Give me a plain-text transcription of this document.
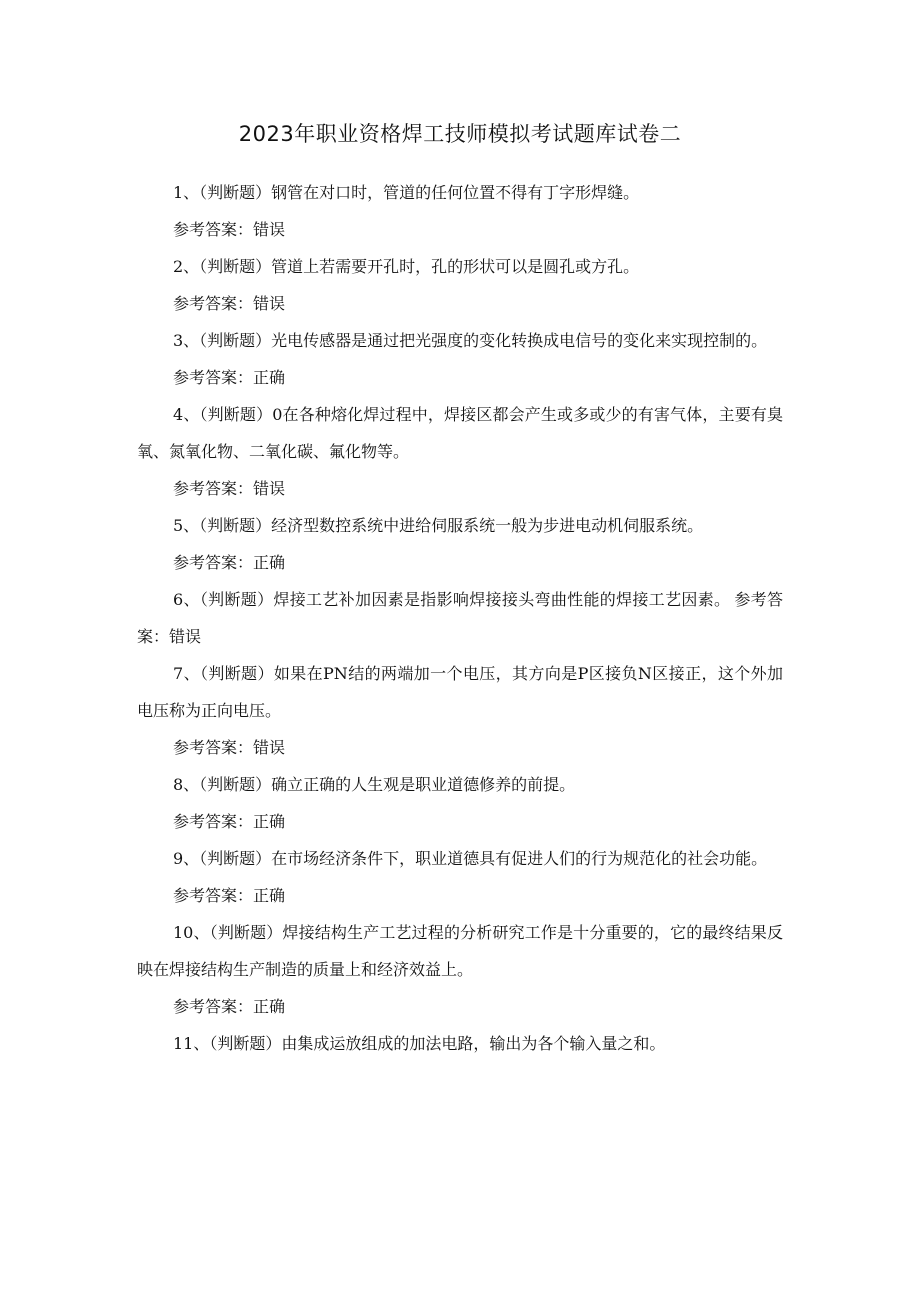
2023年职业资格焊工技师模拟考试题库试卷二

1、（判断题）钢管在对口时，管道的任何位置不得有丁字形焊缝。

参考答案：错误

2、（判断题）管道上若需要开孔时，孔的形状可以是圆孔或方孔。

参考答案：错误

3、（判断题）光电传感器是通过把光强度的变化转换成电信号的变化来实现控制的。

参考答案：正确

4、（判断题）0在各种熔化焊过程中，焊接区都会产生或多或少的有害气体，主要有臭氧、氮氧化物、二氧化碳、氟化物等。

参考答案：错误

5、（判断题）经济型数控系统中进给伺服系统一般为步进电动机伺服系统。

参考答案：正确

6、（判断题）焊接工艺补加因素是指影响焊接接头弯曲性能的焊接工艺因素。 参考答案：错误

7、（判断题）如果在PN结的两端加一个电压，其方向是P区接负N区接正，这个外加电压称为正向电压。

参考答案：错误

8、（判断题）确立正确的人生观是职业道德修养的前提。

参考答案：正确

9、（判断题）在市场经济条件下，职业道德具有促进人们的行为规范化的社会功能。

参考答案：正确

10、（判断题）焊接结构生产工艺过程的分析研究工作是十分重要的，它的最终结果反映在焊接结构生产制造的质量上和经济效益上。

参考答案：正确

11、（判断题）由集成运放组成的加法电路，输出为各个输入量之和。
